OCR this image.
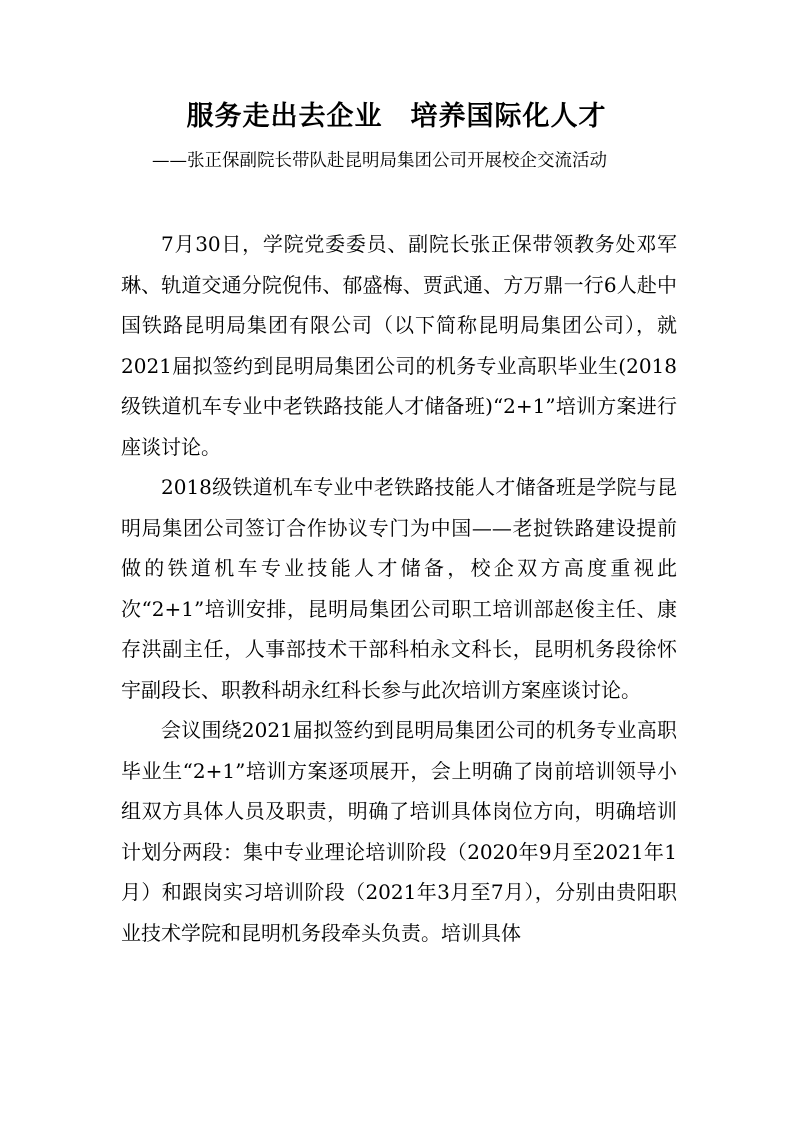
服务走出去企业　培养国际化人才
——张正保副院长带队赴昆明局集团公司开展校企交流活动

7月30日，学院党委委员、副院长张正保带领教务处邓军琳、轨道交通分院倪伟、郁盛梅、贾武通、方万鼎一行6人赴中国铁路昆明局集团有限公司（以下简称昆明局集团公司），就2021届拟签约到昆明局集团公司的机务专业高职毕业生(2018级铁道机车专业中老铁路技能人才储备班)“2+1”培训方案进行座谈讨论。

2018级铁道机车专业中老铁路技能人才储备班是学院与昆明局集团公司签订合作协议专门为中国——老挝铁路建设提前做的铁道机车专业技能人才储备，校企双方高度重视此次“2+1”培训安排，昆明局集团公司职工培训部赵俊主任、康存洪副主任，人事部技术干部科柏永文科长，昆明机务段徐怀宇副段长、职教科胡永红科长参与此次培训方案座谈讨论。

会议围绕2021届拟签约到昆明局集团公司的机务专业高职毕业生“2+1”培训方案逐项展开，会上明确了岗前培训领导小组双方具体人员及职责，明确了培训具体岗位方向，明确培训计划分两段：集中专业理论培训阶段（2020年9月至2021年1月）和跟岗实习培训阶段（2021年3月至7月），分别由贵阳职业技术学院和昆明机务段牵头负责。培训具体
